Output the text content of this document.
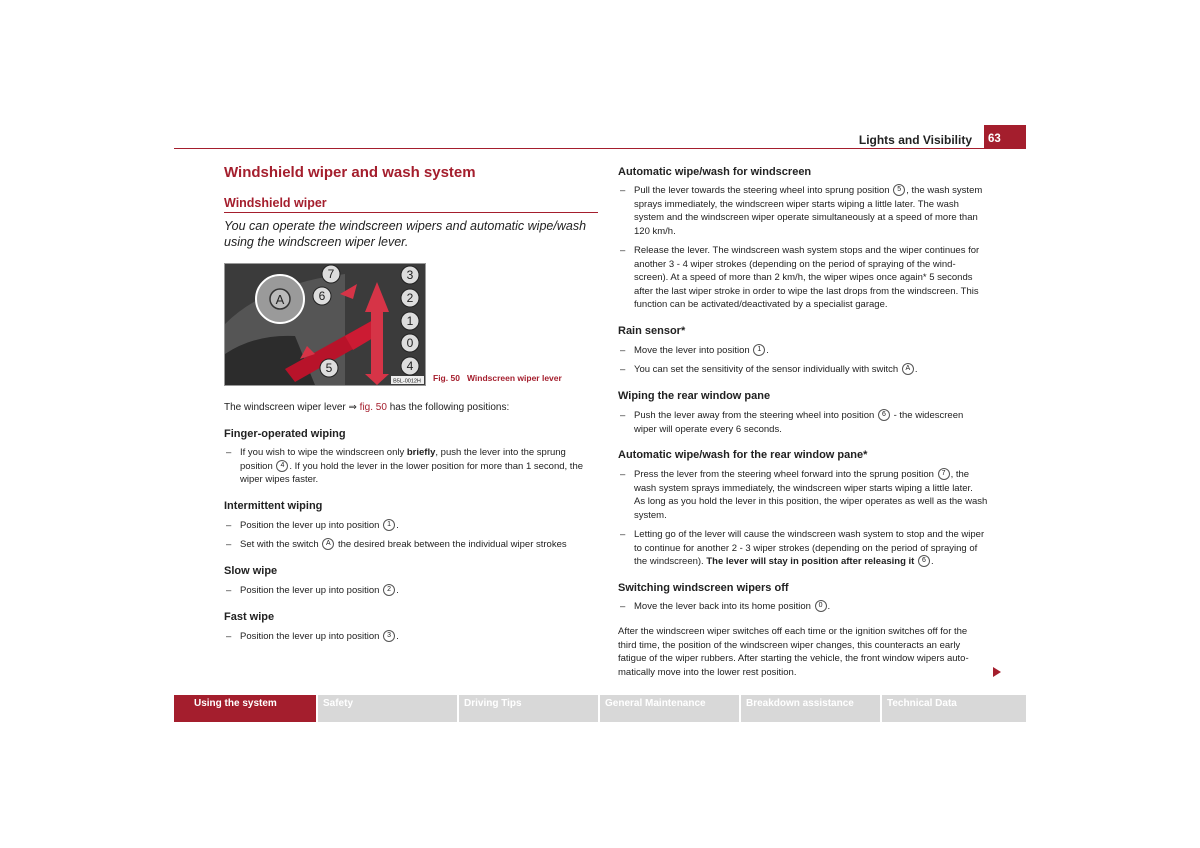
Lights and Visibility	63
Windshield wiper and wash system
Windshield wiper
You can operate the windscreen wipers and automatic wipe/wash using the windscreen wiper lever.
A
7
6
3
2
1
0
4
5
B5L-0012H Fig. 50 Windscreen wiper lever
The windscreen wiper lever ⇒ fig. 50 has the following positions:
Finger-operated wiping
– If you wish to wipe the windscreen only briefly, push the lever into the sprung
position 4 . If you hold the lever in the lower position for more than 1 second, the
wiper wipes faster.
Intermittent wiping
– Position the lever up into position 1 .
– Set with the switch A the desired break between the individual wiper strokes
Slow wipe
– Position the lever up into position 2 .
Fast wipe
– Position the lever up into position 3 .
Automatic wipe/wash for windscreen
– Pull the lever towards the steering wheel into sprung position 5 , the wash system
sprays immediately, the windscreen wiper starts wiping a little later. The wash
system and the windscreen wiper operate simultaneously at a speed of more than
120 km/h.
– Release the lever. The windscreen wash system stops and the wiper continues for
another 3 - 4 wiper strokes (depending on the period of spraying of the wind-
screen). At a speed of more than 2 km/h, the wiper wipes once again* 5 seconds
after the last wiper stroke in order to wipe the last drops from the windscreen. This
function can be activated/deactivated by a specialist garage.
Rain sensor*
– Move the lever into position 1 .
– You can set the sensitivity of the sensor individually with switch A .
Wiping the rear window pane
– Push the lever away from the steering wheel into position 6 - the widescreen
wiper will operate every 6 seconds.
Automatic wipe/wash for the rear window pane*
– Press the lever from the steering wheel forward into the sprung position 7 , the
wash system sprays immediately, the windscreen wiper starts wiping a little later.
As long as you hold the lever in this position, the wiper operates as well as the wash
system.
– Letting go of the lever will cause the windscreen wash system to stop and the wiper
to continue for another 2 - 3 wiper strokes (depending on the period of spraying of
the windscreen). The lever will stay in position after releasing it 6 .
Switching windscreen wipers off
– Move the lever back into its home position 0 .
After the windscreen wiper switches off each time or the ignition switches off for the
third time, the position of the windscreen wiper changes, this counteracts an early
fatigue of the wiper rubbers. After starting the vehicle, the front window wipers auto-
matically move into the lower rest position.
Using the system	Safety	Driving Tips	General Maintenance	Breakdown assistance	Technical Data
